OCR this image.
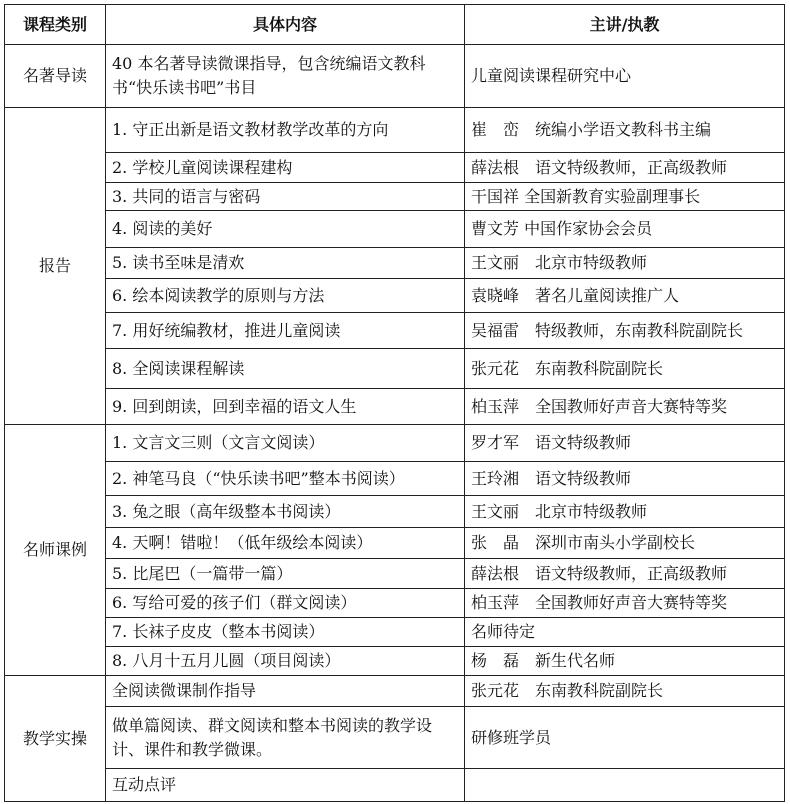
课程类别	具体内容	主讲/执教
名著导读	40 本名著导读微课指导，包含统编语文教科书“快乐读书吧”书目	儿童阅读课程研究中心
报告	1. 守正出新是语文教材教学改革的方向	崔　峦　统编小学语文教科书主编
	2. 学校儿童阅读课程建构	薛法根　语文特级教师，正高级教师
	3. 共同的语言与密码	干国祥 全国新教育实验副理事长
	4. 阅读的美好	曹文芳 中国作家协会会员
	5. 读书至味是清欢	王文丽　北京市特级教师
	6. 绘本阅读教学的原则与方法	袁晓峰　著名儿童阅读推广人
	7. 用好统编教材，推进儿童阅读	吴福雷　特级教师，东南教科院副院长
	8. 全阅读课程解读	张元花　东南教科院副院长
	9. 回到朗读，回到幸福的语文人生	柏玉萍　全国教师好声音大赛特等奖
名师课例	1. 文言文三则（文言文阅读）	罗才军　语文特级教师
	2. 神笔马良（“快乐读书吧”整本书阅读）	王玲湘　语文特级教师
	3. 兔之眼（高年级整本书阅读）	王文丽　北京市特级教师
	4. 天啊！错啦！（低年级绘本阅读）	张　晶　深圳市南头小学副校长
	5. 比尾巴（一篇带一篇）	薛法根　语文特级教师，正高级教师
	6. 写给可爱的孩子们（群文阅读）	柏玉萍　全国教师好声音大赛特等奖
	7. 长袜子皮皮（整本书阅读）	名师待定
	8. 八月十五月儿圆（项目阅读）	杨　磊　新生代名师
教学实操	全阅读微课制作指导	张元花　东南教科院副院长
	做单篇阅读、群文阅读和整本书阅读的教学设计、课件和教学微课。	研修班学员
	互动点评	
